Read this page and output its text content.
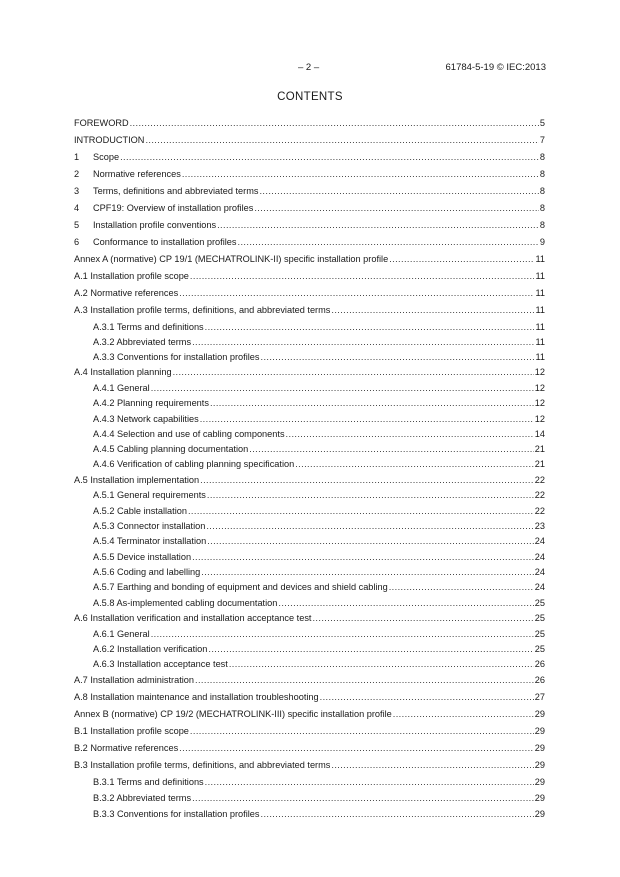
– 2 –	61784-5-19 © IEC:2013
CONTENTS
FOREWORD .....	5
INTRODUCTION .....	7
1	Scope .....	8
2	Normative references .....	8
3	Terms, definitions and abbreviated terms .....	8
4	CPF19: Overview of installation profiles .....	8
5	Installation profile conventions .....	8
6	Conformance to installation profiles .....	9
Annex A (normative) CP 19/1 (MECHATROLINK-II) specific installation profile .....	11
A.1 Installation profile scope .....	11
A.2 Normative references .....	11
A.3 Installation profile terms, definitions, and abbreviated terms .....	11
A.3.1 Terms and definitions .....	11
A.3.2 Abbreviated terms .....	11
A.3.3 Conventions for installation profiles .....	11
A.4 Installation planning .....	12
A.4.1 General .....	12
A.4.2 Planning requirements .....	12
A.4.3 Network capabilities .....	12
A.4.4 Selection and use of cabling components .....	14
A.4.5 Cabling planning documentation .....	21
A.4.6 Verification of cabling planning specification .....	21
A.5 Installation implementation .....	22
A.5.1 General requirements .....	22
A.5.2 Cable installation .....	22
A.5.3 Connector installation .....	23
A.5.4 Terminator installation .....	24
A.5.5 Device installation .....	24
A.5.6 Coding and labelling .....	24
A.5.7 Earthing and bonding of equipment and devices and shield cabling .....	24
A.5.8 As-implemented cabling documentation .....	25
A.6 Installation verification and installation acceptance test .....	25
A.6.1 General .....	25
A.6.2 Installation verification .....	25
A.6.3 Installation acceptance test .....	26
A.7 Installation administration .....	26
A.8 Installation maintenance and installation troubleshooting .....	27
Annex B (normative) CP 19/2 (MECHATROLINK-III) specific installation profile .....	29
B.1 Installation profile scope .....	29
B.2 Normative references .....	29
B.3 Installation profile terms, definitions, and abbreviated terms .....	29
B.3.1 Terms and definitions .....	29
B.3.2 Abbreviated terms .....	29
B.3.3 Conventions for installation profiles .....	29
